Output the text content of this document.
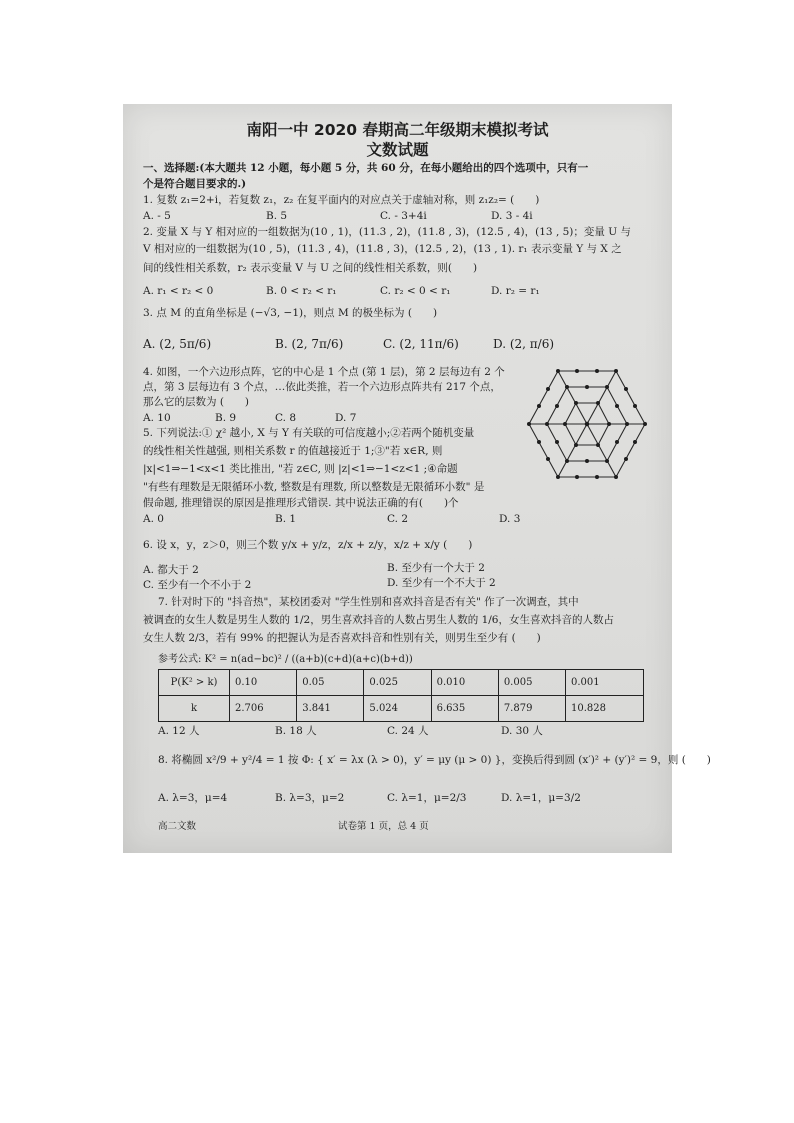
南阳一中 2020 春期高二年级期末模拟考试
文数试题
一、选择题:(本大题共 12 小题，每小题 5 分，共 60 分，在每小题给出的四个选项中，只有一
个是符合题目要求的.)
1. 复数 z₁=2+i，若复数 z₁，z₂ 在复平面内的对应点关于虚轴对称，则 z₁z₂= (　　)
A. - 5	B. 5	C. - 3+4i	D. 3 - 4i
2. 变量 X 与 Y 相对应的一组数据为(10 , 1)，(11.3 , 2)，(11.8 , 3)，(12.5 , 4)，(13 , 5)；变量 U 与
V 相对应的一组数据为(10 , 5)，(11.3 , 4)，(11.8 , 3)，(12.5 , 2)，(13 , 1). r₁ 表示变量 Y 与 X 之
间的线性相关系数，r₂ 表示变量 V 与 U 之间的线性相关系数，则(　　)
A. r₁ < r₂ < 0	B. 0 < r₂ < r₁	C. r₂ < 0 < r₁	D. r₂ = r₁
3. 点 M 的直角坐标是 (−√3, −1)，则点 M 的极坐标为 (　　)
A. (2, 5π/6)	B. (2, 7π/6)	C. (2, 11π/6)	D. (2, π/6)
4. 如图，一个六边形点阵，它的中心是 1 个点 (第 1 层)，第 2 层每边有 2 个
点，第 3 层每边有 3 个点，…依此类推，若一个六边形点阵共有 217 个点，
那么它的层数为 (　　)
A. 10	B. 9	C. 8	D. 7
5. 下列说法:① χ² 越小, X 与 Y 有关联的可信度越小;②若两个随机变量
的线性相关性越强, 则相关系数 r 的值越接近于 1;③"若 x∈R, 则
|x|<1⇒−1<x<1 类比推出, "若 z∈C, 则 |z|<1⇒−1<z<1 ;④命题
"有些有理数是无限循环小数, 整数是有理数, 所以整数是无限循环小数" 是
假命题, 推理错误的原因是推理形式错误. 其中说法正确的有(　　)个
A. 0	B. 1	C. 2	D. 3
6. 设 x，y，z＞0，则三个数 y/x + y/z，z/x + z/y，x/z + x/y (　　)
A. 都大于 2	B. 至少有一个大于 2
C. 至少有一个不小于 2	D. 至少有一个不大于 2
7. 针对时下的 "抖音热"，某校团委对 "学生性别和喜欢抖音是否有关" 作了一次调查，其中
被调查的女生人数是男生人数的 1/2，男生喜欢抖音的人数占男生人数的 1/6，女生喜欢抖音的人数占
女生人数 2/3，若有 99% 的把握认为是否喜欢抖音和性别有关，则男生至少有 (　　)
参考公式: K² = n(ad−bc)² / ((a+b)(c+d)(a+c)(b+d))
P(K² > k)	0.10	0.05	0.025	0.010	0.005	0.001
k	2.706	3.841	5.024	6.635	7.879	10.828
A. 12 人	B. 18 人	C. 24 人	D. 30 人
8. 将椭圆 x²/9 + y²/4 = 1 按 Φ: { x′ = λx (λ > 0)，y′ = μy (μ > 0) }，变换后得到圆 (x′)² + (y′)² = 9，则 (　　)
A. λ=3，μ=4	B. λ=3，μ=2	C. λ=1，μ=2/3	D. λ=1，μ=3/2
高二文数	试卷第 1 页，总 4 页
